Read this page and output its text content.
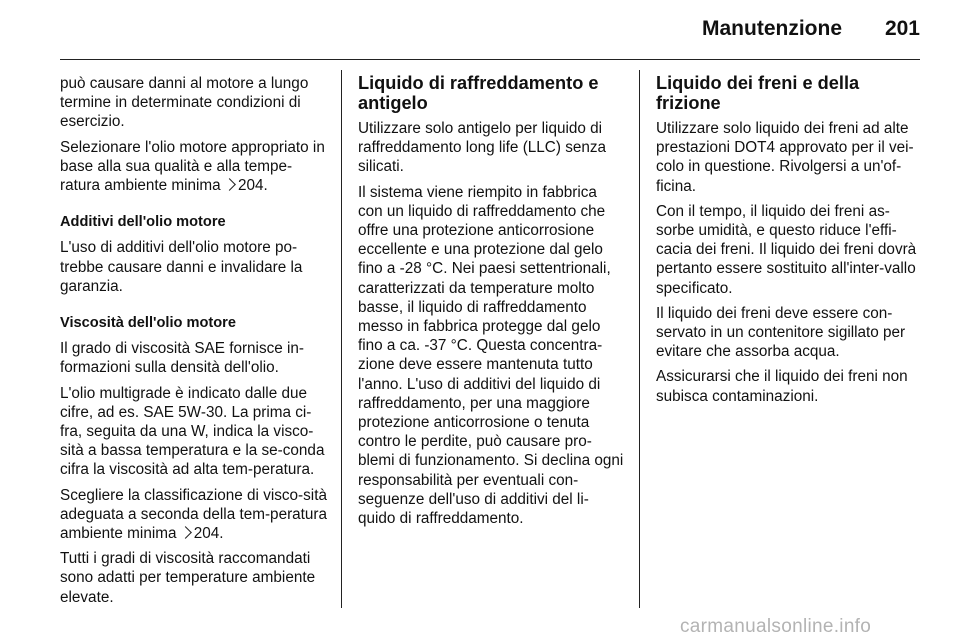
Manutenzione 201

può causare danni al motore a lungo termine in determinate condizioni di esercizio.

Selezionare l'olio motore appropriato in base alla sua qualità e alla tempe-ratura ambiente minima 204.

Additivi dell'olio motore

L'uso di additivi dell'olio motore po-trebbe causare danni e invalidare la garanzia.

Viscosità dell'olio motore

Il grado di viscosità SAE fornisce in-formazioni sulla densità dell'olio.

L'olio multigrade è indicato dalle due cifre, ad es. SAE 5W-30. La prima ci-fra, seguita da una W, indica la visco-sità a bassa temperatura e la se-conda cifra la viscosità ad alta tem-peratura.

Scegliere la classificazione di visco-sità adeguata a seconda della tem-peratura ambiente minima 204.

Tutti i gradi di viscosità raccomandati sono adatti per temperature ambiente elevate.

Liquido di raffreddamento e antigelo

Utilizzare solo antigelo per liquido di raffreddamento long life (LLC) senza silicati.

Il sistema viene riempito in fabbrica con un liquido di raffreddamento che offre una protezione anticorrosione eccellente e una protezione dal gelo fino a -28 °C. Nei paesi settentrionali, caratterizzati da temperature molto basse, il liquido di raffreddamento messo in fabbrica protegge dal gelo fino a ca. -37 °C. Questa concentra-zione deve essere mantenuta tutto l'anno. L'uso di additivi del liquido di raffreddamento, per una maggiore protezione anticorrosione o tenuta contro le perdite, può causare pro-blemi di funzionamento. Si declina ogni responsabilità per eventuali con-seguenze dell'uso di additivi del li-quido di raffreddamento.

Liquido dei freni e della frizione

Utilizzare solo liquido dei freni ad alte prestazioni DOT4 approvato per il vei-colo in questione. Rivolgersi a un'of-ficina.

Con il tempo, il liquido dei freni as-sorbe umidità, e questo riduce l'effi-cacia dei freni. Il liquido dei freni dovrà pertanto essere sostituito all'inter-vallo specificato.

Il liquido dei freni deve essere con-servato in un contenitore sigillato per evitare che assorba acqua.

Assicurarsi che il liquido dei freni non subisca contaminazioni.

carmanualsonline.info
